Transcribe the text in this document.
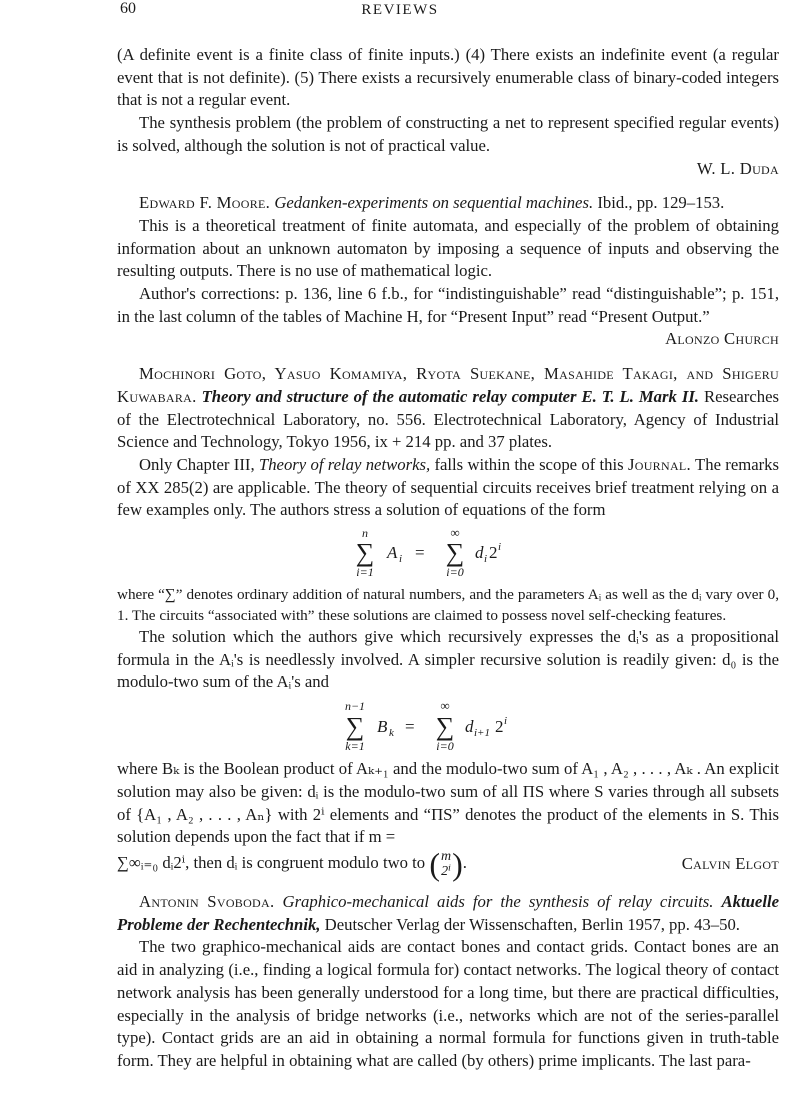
60	REVIEWS

(A definite event is a finite class of finite inputs.) (4) There exists an indefinite event (a regular event that is not definite). (5) There exists a recursively enumerable class of binary-coded integers that is not a regular event.

The synthesis problem (the problem of constructing a net to represent specified regular events) is solved, although the solution is not of practical value.

W. L. Duda

Edward F. Moore. Gedanken-experiments on sequential machines. Ibid., pp. 129–153.

This is a theoretical treatment of finite automata, and especially of the problem of obtaining information about an unknown automaton by imposing a sequence of inputs and observing the resulting outputs. There is no use of mathematical logic.

Author's corrections: p. 136, line 6 f.b., for “indistinguishable” read “distinguishable”; p. 151, in the last column of the tables of Machine H, for “Present Input” read “Present Output.”

Alonzo Church

Mochinori Goto, Yasuo Komamiya, Ryota Suekane, Masahide Takagi, and Shigeru Kuwabara. Theory and structure of the automatic relay computer E. T. L. Mark II. Researches of the Electrotechnical Laboratory, no. 556. Electrotechnical Laboratory, Agency of Industrial Science and Technology, Tokyo 1956, ix + 214 pp. and 37 plates.

Only Chapter III, Theory of relay networks, falls within the scope of this Journal. The remarks of XX 285(2) are applicable. The theory of sequential circuits receives brief treatment relying on a few examples only. The authors stress a solution of equations of the form

n
∑
i=1
A i =
∞
∑
i=0
d i 2 i

where “∑” denotes ordinary addition of natural numbers, and the parameters Aᵢ as well as the dᵢ vary over 0, 1. The circuits “associated with” these solutions are claimed to possess novel self-checking features.

The solution which the authors give which recursively expresses the dᵢ's as a propositional formula in the Aᵢ's is needlessly involved. A simpler recursive solution is readily given: d₀ is the modulo-two sum of the Aᵢ's and

n−1
∑
k=1
B k =
∞
∑
i=0
d i+1 2 i

where Bₖ is the Boolean product of Aₖ₊₁ and the modulo-two sum of A₁ , A₂ , . . . , Aₖ . An explicit solution may also be given: dᵢ is the modulo-two sum of all ΠS where S varies through all subsets of {A₁ , A₂ , . . . , Aₙ} with 2ⁱ elements and “ΠS” denotes the product of the elements in S. This solution depends upon the fact that if m =

∑∞ᵢ₌₀ dᵢ2ⁱ, then dᵢ is congruent modulo two to ( m
2ⁱ ) .	Calvin Elgot

Antonin Svoboda. Graphico-mechanical aids for the synthesis of relay circuits. Aktuelle Probleme der Rechentechnik, Deutscher Verlag der Wissenschaften, Berlin 1957, pp. 43–50.

The two graphico-mechanical aids are contact bones and contact grids. Contact bones are an aid in analyzing (i.e., finding a logical formula for) contact networks. The logical theory of contact network analysis has been generally understood for a long time, but there are practical difficulties, especially in the analysis of bridge networks (i.e., networks which are not of the series-parallel type). Contact grids are an aid in obtaining a normal formula for functions given in truth-table form. They are helpful in obtaining what are called (by others) prime implicants. The last para-
